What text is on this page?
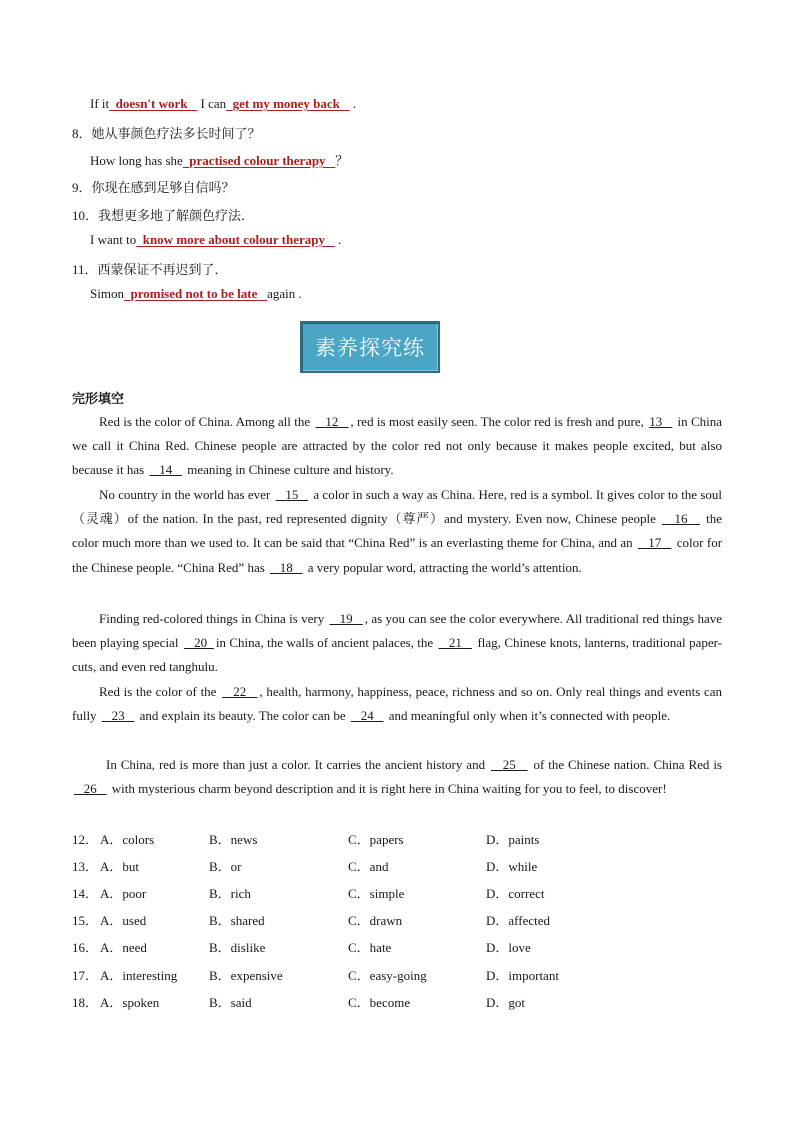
If it doesn't work    I can get my money back .
8．她从事颜色疗法多长时间了？
How long has she practised colour therapy ？
9．你现在感到足够自信吗？
10．我想更多地了解颜色疗法．
I want to know more about colour therapy .
11．西蒙保证不再迟到了．
Simon promised not to be late again .
素养探究练
完形填空
Red is the color of China. Among all the    12 , red is most easily seen. The color red is fresh and pure, 13    in China we call it China Red. Chinese people are attracted by the color red not only because it makes people excited, but also because it has    14    meaning in Chinese culture and history.
No country in the world has ever    15    a color in such a way as China. Here, red is a symbol. It gives color to the soul（灵魂）of the nation. In the past, red represented dignity（尊严）and mystery. Even now, Chinese people    16    the color much more than we used to. It can be said that “China Red” is an everlasting theme for China, and an    17    color for the Chinese people. “China Red” has    18    a very popular word, attracting the world’s attention.
Finding red-colored things in China is very    19 , as you can see the color everywhere. All traditional red things have been playing special    20 in China, the walls of ancient palaces, the    21    flag, Chinese knots, lanterns, traditional paper-cuts, and even red tanghulu.
Red is the color of the    22 , health, harmony, happiness, peace, richness and so on. Only real things and events can fully    23    and explain its beauty. The color can be    24    and meaningful only when it’s connected with people.
In China, red is more than just a color. It carries the ancient history and    25    of the Chinese nation. China Red is    26    with mysterious charm beyond description and it is right here in China waiting for you to feel, to discover!
12． A．colors	B．news	C．papers	D．paints
13． A．but	B．or	C．and	D．while
14． A．poor	B．rich	C．simple	D．correct
15． A．used	B．shared	C．drawn	D．affected
16． A．need	B．dislike	C．hate	D．love
17． A．interesting B．expensive	C．easy-going	D．important
18． A．spoken	B．said	C．become	D．got
